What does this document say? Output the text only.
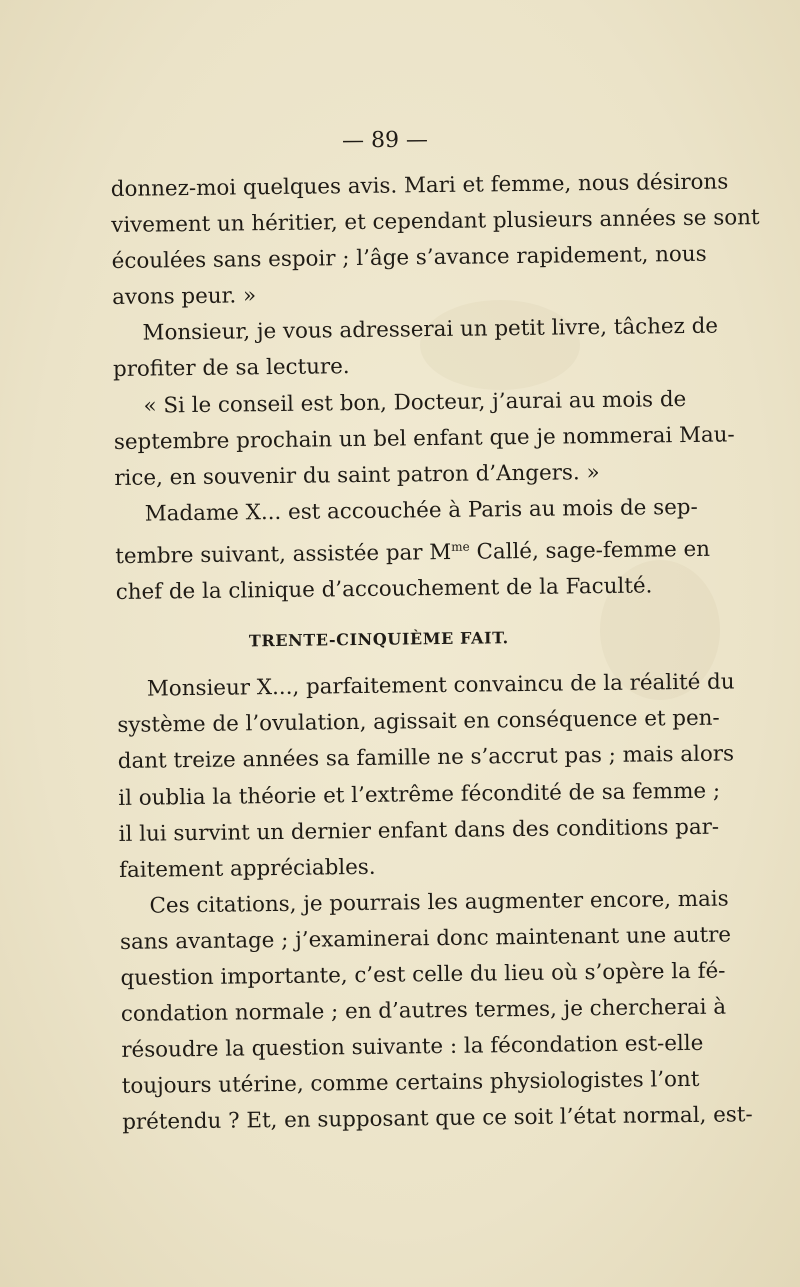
— 89 —

donnez-moi quelques avis. Mari et femme, nous désirons
vivement un héritier, et cependant plusieurs années se sont
écoulées sans espoir ; l’âge s’avance rapidement, nous
avons peur. »

Monsieur, je vous adresserai un petit livre, tâchez de
profiter de sa lecture.

« Si le conseil est bon, Docteur, j’aurai au mois de
septembre prochain un bel enfant que je nommerai Mau-
rice, en souvenir du saint patron d’Angers. »

Madame X... est accouchée à Paris au mois de sep-
tembre suivant, assistée par $M^{me}$ Callé, sage-femme en
chef de la clinique d’accouchement de la Faculté.

TRENTE-CINQUIÈME FAIT.

Monsieur X..., parfaitement convaincu de la réalité du
système de l’ovulation, agissait en conséquence et pen-
dant treize années sa famille ne s’accrut pas ; mais alors
il oublia la théorie et l’extrême fécondité de sa femme ;
il lui survint un dernier enfant dans des conditions par-
faitement appréciables.

Ces citations, je pourrais les augmenter encore, mais
sans avantage ; j’examinerai donc maintenant une autre
question importante, c’est celle du lieu où s’opère la fé-
condation normale ; en d’autres termes, je chercherai à
résoudre la question suivante : la fécondation est-elle
toujours utérine, comme certains physiologistes l’ont
prétendu ? Et, en supposant que ce soit l’état normal, est-
